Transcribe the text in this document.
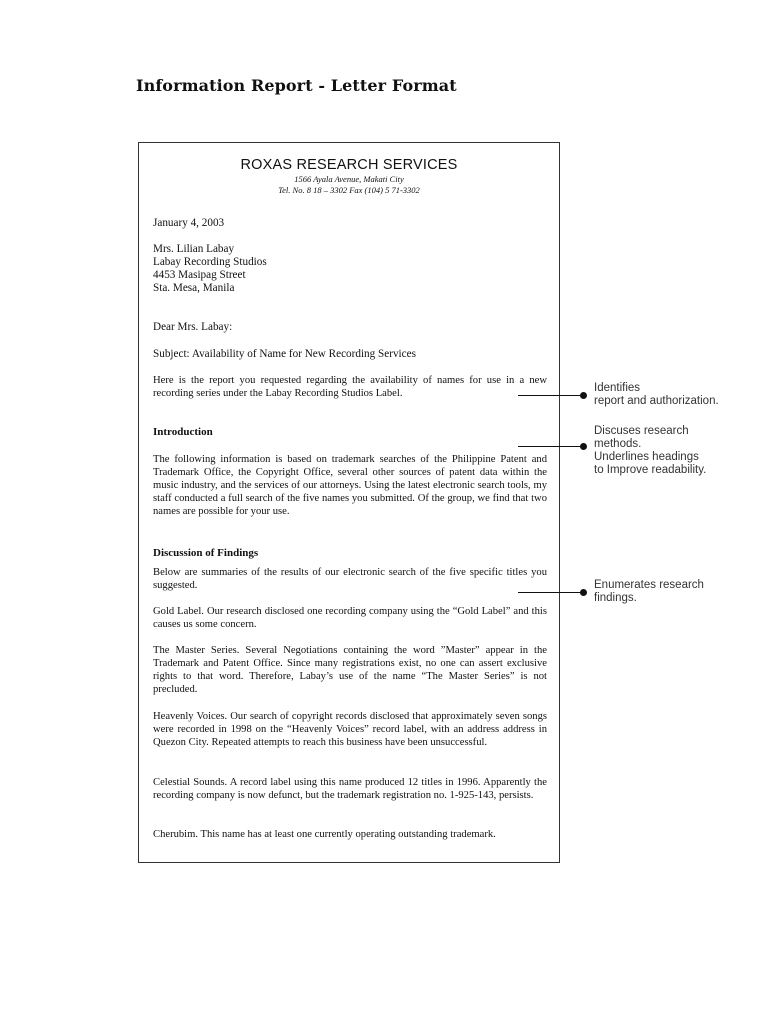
Information Report - Letter Format
ROXAS RESEARCH SERVICES
1566 Ayala Avenue, Makati City
Tel. No. 8 18 – 3302 Fax (104) 5 71-3302
January 4, 2003
Mrs. Lilian Labay
Labay Recording Studios
4453 Masipag Street
Sta. Mesa, Manila
Dear Mrs. Labay:
Subject: Availability of Name for New Recording Services
Here is the report you requested regarding the availability of names for use in a new recording series under the Labay Recording Studios Label.
Introduction
The following information is based on trademark searches of the Philippine Patent and Trademark Office, the Copyright Office, several other sources of patent data within the music industry, and the services of our attorneys. Using the latest electronic search tools, my staff conducted a full search of the five names you submitted. Of the group, we find that two names are possible for your use.
Discussion of Findings
Below are summaries of the results of our electronic search of the five specific titles you suggested.
Gold Label. Our research disclosed one recording company using the “Gold Label” and this causes us some concern.
The Master Series. Several Negotiations containing the word ”Master” appear in the Trademark and Patent Office. Since many registrations exist, no one can assert exclusive rights to that word. Therefore, Labay’s use of the name “The Master Series” is not precluded.
Heavenly Voices. Our search of copyright records disclosed that approximately seven songs were recorded in 1998 on the “Heavenly Voices” record label, with an address address in Quezon City. Repeated attempts to reach this business have been unsuccessful.
Celestial Sounds. A record label using this name produced 12 titles in 1996. Apparently the recording company is now defunct, but the trademark registration no. 1-925-143, persists.
Cherubim. This name has at least one currently operating outstanding trademark.
Identifies
report and authorization.
Discuses research
methods.
Underlines headings
to Improve readability.
Enumerates research
findings.
